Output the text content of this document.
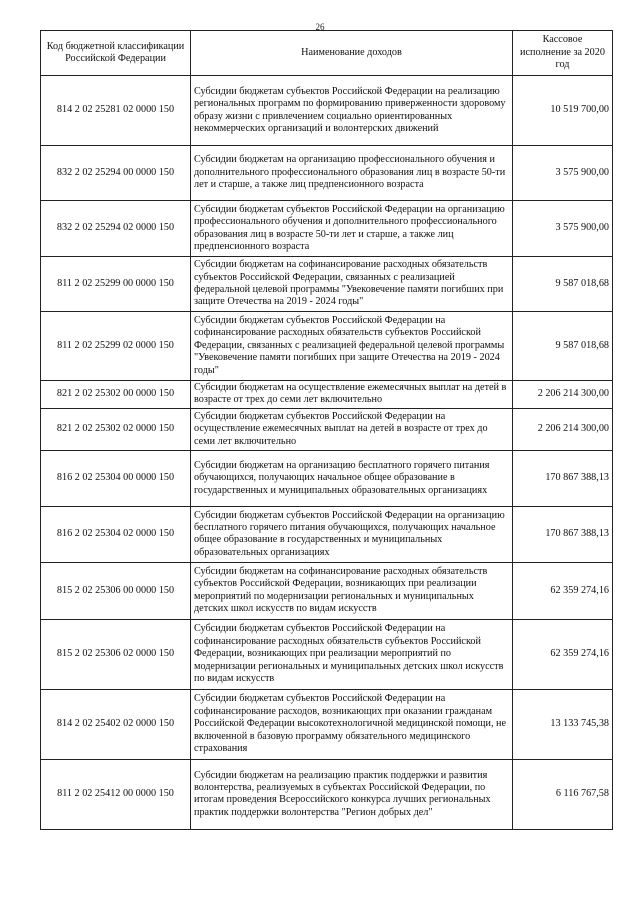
26
Код бюджетной классификации Российской Федерации	Наименование доходов	Кассовое исполнение за 2020 год
814 2 02 25281 02 0000 150	Субсидии бюджетам субъектов Российской Федерации на реализацию региональных программ по формированию приверженности здоровому образу жизни с привлечением социально ориентированных некоммерческих организаций и волонтерских движений	10 519 700,00
832 2 02 25294 00 0000 150	Субсидии бюджетам на организацию профессионального обучения и дополнительного профессионального образования лиц в возрасте 50-ти лет и старше, а также лиц предпенсионного возраста	3 575 900,00
832 2 02 25294 02 0000 150	Субсидии бюджетам субъектов Российской Федерации на организацию профессионального обучения и дополнительного профессионального образования лиц в возрасте 50-ти лет и старше, а также лиц предпенсионного возраста	3 575 900,00
811 2 02 25299 00 0000 150	Субсидии бюджетам на софинансирование расходных обязательств субъектов Российской Федерации, связанных с реализацией федеральной целевой программы "Увековечение памяти погибших при защите Отечества на 2019 - 2024 годы"	9 587 018,68
811 2 02 25299 02 0000 150	Субсидии бюджетам субъектов Российской Федерации на софинансирование расходных обязательств субъектов Российской Федерации, связанных с реализацией федеральной целевой программы "Увековечение памяти погибших при защите Отечества на 2019 - 2024 годы"	9 587 018,68
821 2 02 25302 00 0000 150	Субсидии бюджетам на осуществление ежемесячных выплат на детей в возрасте от трех до семи лет включительно	2 206 214 300,00
821 2 02 25302 02 0000 150	Субсидии бюджетам субъектов Российской Федерации на осуществление ежемесячных выплат на детей в возрасте от трех до семи лет включительно	2 206 214 300,00
816 2 02 25304 00 0000 150	Субсидии бюджетам на организацию бесплатного горячего питания обучающихся, получающих начальное общее образование в государственных и муниципальных образовательных организациях	170 867 388,13
816 2 02 25304 02 0000 150	Субсидии бюджетам субъектов Российской Федерации на организацию бесплатного горячего питания обучающихся, получающих начальное общее образование в государственных и муниципальных образовательных организациях	170 867 388,13
815 2 02 25306 00 0000 150	Субсидии бюджетам на софинансирование расходных обязательств субъектов Российской Федерации, возникающих при реализации мероприятий по модернизации региональных и муниципальных детских школ искусств по видам искусств	62 359 274,16
815 2 02 25306 02 0000 150	Субсидии бюджетам субъектов Российской Федерации на софинансирование расходных обязательств субъектов Российской Федерации, возникающих при реализации мероприятий по модернизации региональных и муниципальных детских школ искусств по видам искусств	62 359 274,16
814 2 02 25402 02 0000 150	Субсидии бюджетам субъектов Российской Федерации на софинансирование расходов, возникающих при оказании гражданам Российской Федерации высокотехнологичной медицинской помощи, не включенной в базовую программу обязательного медицинского страхования	13 133 745,38
811 2 02 25412 00 0000 150	Субсидии бюджетам на реализацию практик поддержки и развития волонтерства, реализуемых в субъектах Российской Федерации, по итогам проведения Всероссийского конкурса лучших региональных практик поддержки волонтерства "Регион добрых дел"	6 116 767,58
